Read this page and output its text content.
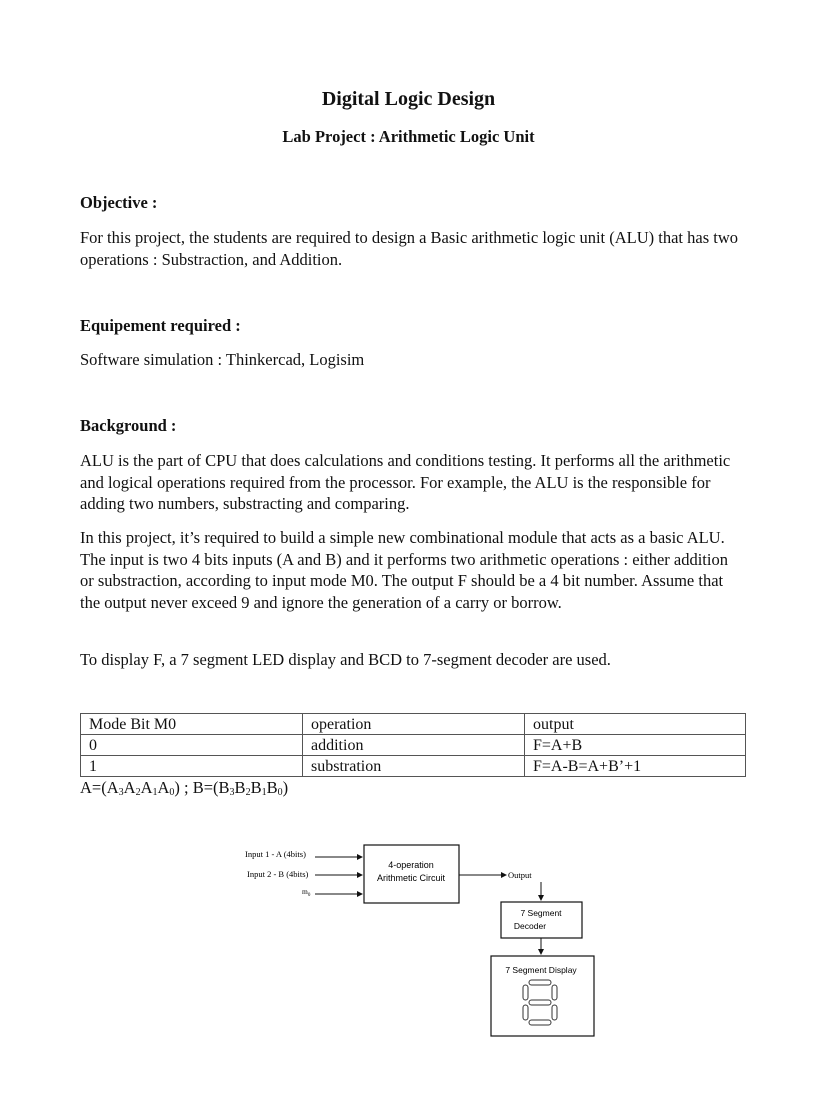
Digital Logic Design
Lab Project : Arithmetic Logic Unit
Objective :
For this project, the students are required to design a Basic arithmetic logic unit (ALU) that has two operations : Substraction, and Addition.
Equipement required :
Software simulation : Thinkercad, Logisim
Background :
ALU is the part of CPU that does calculations and conditions testing. It performs all the arithmetic and logical operations required from the processor. For example, the ALU is the responsible for adding two numbers, substracting and comparing.
In this project, it’s required to build a simple new combinational module that acts as a basic ALU. The input is two 4 bits inputs (A and B) and it performs two arithmetic operations : either addition or substraction, according to input mode M0. The output F should be a 4 bit number. Assume that the output never exceed 9 and ignore the generation of a carry or borrow.
To display F, a 7 segment LED display and BCD to 7-segment decoder are used.
Mode Bit M0	operation	output
0	addition	F=A+B
1	substration	F=A-B=A+B’+1
$A=(A_3A_2A_1A_0)$ ; $B=(B_3B_2B_1B_0)$
Input 1 - A (4bits)
Input 2 - B (4bits)
$m_0$
4-operation
Arithmetic Circuit	Output
7 Segment
Decoder
7 Segment Display
